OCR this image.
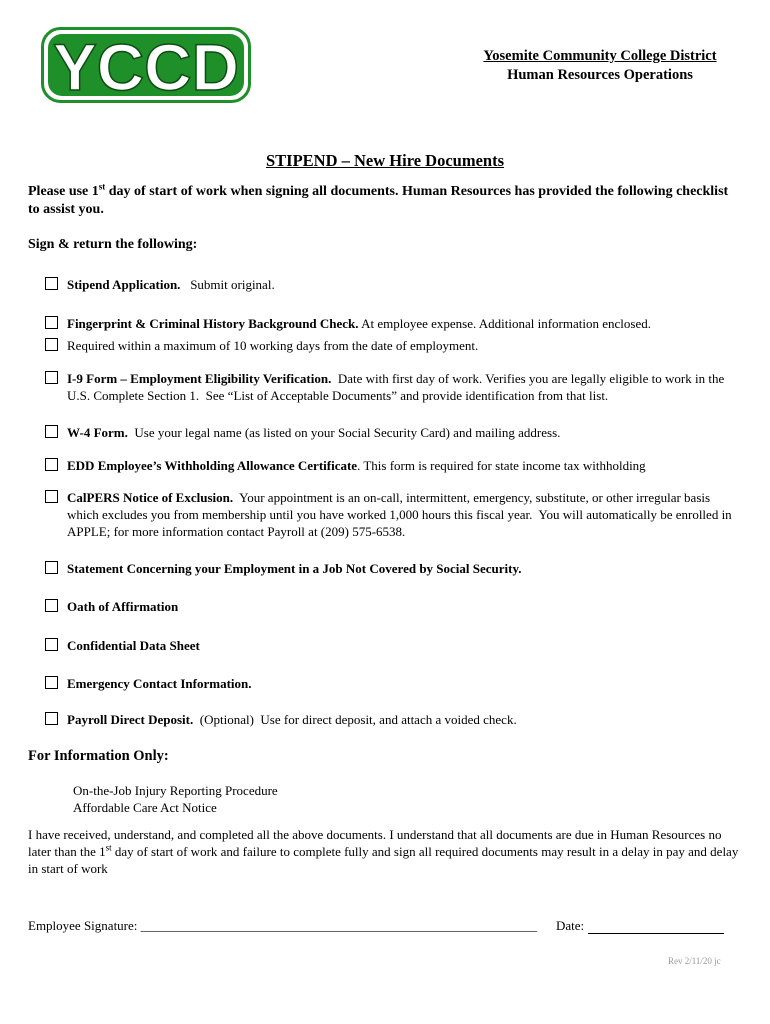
YCCD	Yosemite Community College District
Human Resources Operations
STIPEND – New Hire Documents
Please use 1st day of start of work when signing all documents. Human Resources has provided the following checklist to assist you.
Sign & return the following:
Stipend Application.   Submit original.
Fingerprint & Criminal History Background Check. At employee expense. Additional information enclosed.
Required within a maximum of 10 working days from the date of employment.
I-9 Form – Employment Eligibility Verification.  Date with first day of work. Verifies you are legally eligible to work in the U.S. Complete Section 1.  See “List of Acceptable Documents” and provide identification from that list.
W-4 Form.  Use your legal name (as listed on your Social Security Card) and mailing address.
EDD Employee’s Withholding Allowance Certificate. This form is required for state income tax withholding
CalPERS Notice of Exclusion.  Your appointment is an on-call, intermittent, emergency, substitute, or other irregular basis which excludes you from membership until you have worked 1,000 hours this fiscal year.  You will automatically be enrolled in APPLE; for more information contact Payroll at (209) 575-6538.
Statement Concerning your Employment in a Job Not Covered by Social Security.
Oath of Affirmation
Confidential Data Sheet
Emergency Contact Information.
Payroll Direct Deposit.  (Optional)  Use for direct deposit, and attach a voided check.
For Information Only:
On-the-Job Injury Reporting Procedure
Affordable Care Act Notice
I have received, understand, and completed all the above documents. I understand that all documents are due in Human Resources no later than the 1st day of start of work and failure to complete fully and sign all required documents may result in a delay in pay and delay in start of work
Employee Signature: _____________________________________________________________ Date:
Rev 2/11/20 jc
